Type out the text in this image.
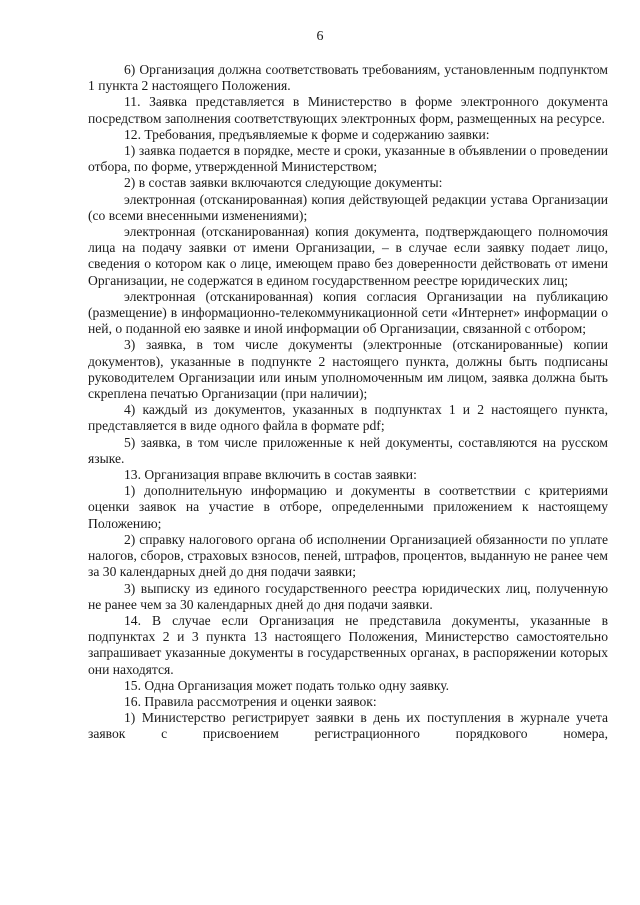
6

6) Организация должна соответствовать требованиям, установленным подпунктом 1 пункта 2 настоящего Положения.

11. Заявка представляется в Министерство в форме электронного документа посредством заполнения соответствующих электронных форм, размещенных на ресурсе.

12. Требования, предъявляемые к форме и содержанию заявки:

1) заявка подается в порядке, месте и сроки, указанные в объявлении о проведении отбора, по форме, утвержденной Министерством;

2) в состав заявки включаются следующие документы:

электронная (отсканированная) копия действующей редакции устава Организации (со всеми внесенными изменениями);

электронная (отсканированная) копия документа, подтверждающего полномочия лица на подачу заявки от имени Организации, – в случае если заявку подает лицо, сведения о котором как о лице, имеющем право без доверенности действовать от имени Организации, не содержатся в едином государственном реестре юридических лиц;

электронная (отсканированная) копия согласия Организации на публикацию (размещение) в информационно-телекоммуникационной сети «Интернет» информации о ней, о поданной ею заявке и иной информации об Организации, связанной с отбором;

3) заявка, в том числе документы (электронные (отсканированные) копии документов), указанные в подпункте 2 настоящего пункта, должны быть подписаны руководителем Организации или иным уполномоченным им лицом, заявка должна быть скреплена печатью Организации (при наличии);

4) каждый из документов, указанных в подпунктах 1 и 2 настоящего пункта, представляется в виде одного файла в формате pdf;

5) заявка, в том числе приложенные к ней документы, составляются на русском языке.

13. Организация вправе включить в состав заявки:

1) дополнительную информацию и документы в соответствии с критериями оценки заявок на участие в отборе, определенными приложением к настоящему Положению;

2) справку налогового органа об исполнении Организацией обязанности по уплате налогов, сборов, страховых взносов, пеней, штрафов, процентов, выданную не ранее чем за 30 календарных дней до дня подачи заявки;

3) выписку из единого государственного реестра юридических лиц, полученную не ранее чем за 30 календарных дней до дня подачи заявки.

14. В случае если Организация не представила документы, указанные в подпунктах 2 и 3 пункта 13 настоящего Положения, Министерство самостоятельно запрашивает указанные документы в государственных органах, в распоряжении которых они находятся.

15. Одна Организация может подать только одну заявку.

16. Правила рассмотрения и оценки заявок:

1) Министерство регистрирует заявки в день их поступления в журнале учета заявок с присвоением регистрационного порядкового номера,
